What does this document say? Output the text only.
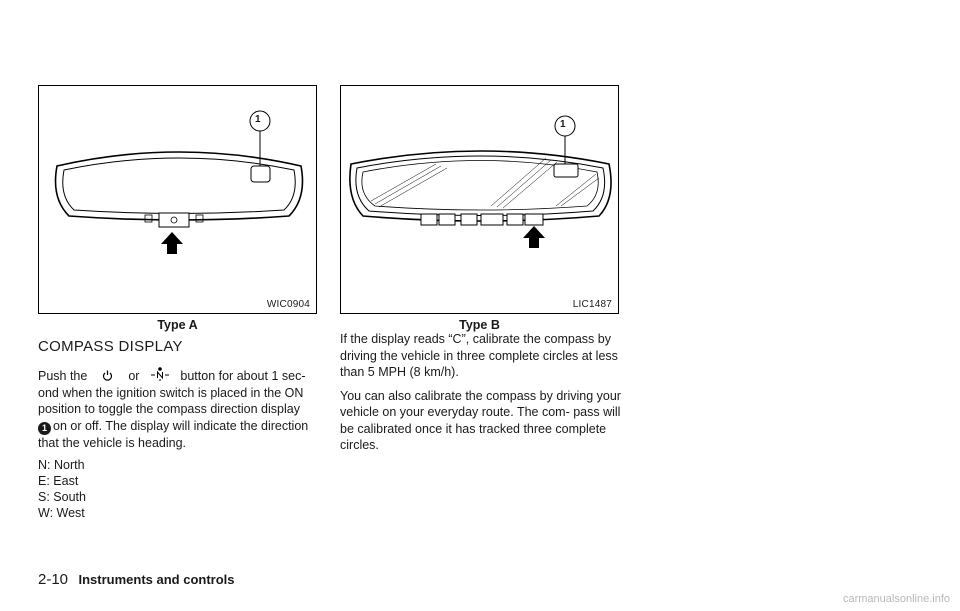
1
WIC0904
Type A
1
LIC1487
Type B
COMPASS DISPLAY
Push the	or	button for about 1 sec- ond when the ignition switch is placed in the ON position to toggle the compass direction display
1 on or off. The display will indicate the direction that the vehicle is heading.
N: North
E: East
S: South
W: West

If the display reads “C”, calibrate the compass by driving the vehicle in three complete circles at less than 5 MPH (8 km/h).

You can also calibrate the compass by driving your vehicle on your everyday route. The com- pass will be calibrated once it has tracked three complete circles.

2-10 Instruments and controls
carmanualsonline.info
